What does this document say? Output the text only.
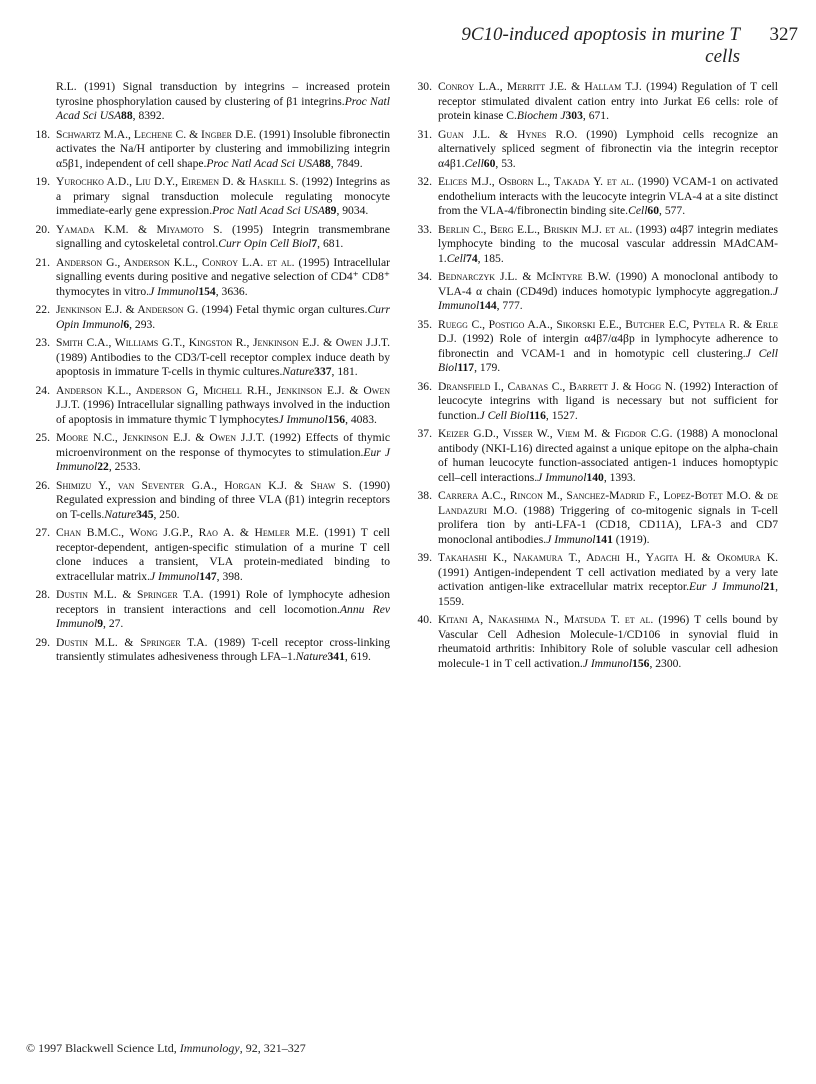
9C10-induced apoptosis in murine T cells
327
R.L. (1991) Signal transduction by integrins – increased protein tyrosine phosphorylation caused by clustering of β1 integrins.Proc Natl Acad Sci USA88, 8392.
18. Schwartz M.A., Lechene C. & Ingber D.E. (1991) Insoluble fibronectin activates the Na/H antiporter by clustering and immobilizing integrin α5β1, independent of cell shape.Proc Natl Acad Sci USA88, 7849.
19. Yurochko A.D., Liu D.Y., Eiremen D. & Haskill S. (1992) Integrins as a primary signal transduction molecule regulating monocyte immediate-early gene expression.Proc Natl Acad Sci USA89, 9034.
20. Yamada K.M. & Miyamoto S. (1995) Integrin transmembrane signalling and cytoskeletal control.Curr Opin Cell Biol7, 681.
21. Anderson G., Anderson K.L., Conroy L.A. et al. (1995) Intracellular signalling events during positive and negative selection of CD4⁺ CD8⁺ thymocytes in vitro.J Immunol154, 3636.
22. Jenkinson E.J. & Anderson G. (1994) Fetal thymic organ cultures.Curr Opin Immunol6, 293.
23. Smith C.A., Williams G.T., Kingston R., Jenkinson E.J. & Owen J.J.T. (1989) Antibodies to the CD3/T-cell receptor complex induce death by apoptosis in immature T-cells in thymic cultures.Nature337, 181.
24. Anderson K.L., Anderson G, Michell R.H., Jenkinson E.J. & Owen J.J.T. (1996) Intracellular signalling pathways involved in the induction of apoptosis in immature thymic T lymphocytesJ Immunol156, 4083.
25. Moore N.C., Jenkinson E.J. & Owen J.J.T. (1992) Effects of thymic microenvironment on the response of thymocytes to stimulation.Eur J Immunol22, 2533.
26. Shimizu Y., van Seventer G.A., Horgan K.J. & Shaw S. (1990) Regulated expression and binding of three VLA (β1) integrin receptors on T-cells.Nature345, 250.
27. Chan B.M.C., Wong J.G.P., Rao A. & Hemler M.E. (1991) T cell receptor-dependent, antigen-specific stimulation of a murine T cell clone induces a transient, VLA protein-mediated binding to extracellular matrix.J Immunol147, 398.
28. Dustin M.L. & Springer T.A. (1991) Role of lymphocyte adhesion receptors in transient interactions and cell locomotion.Annu Rev Immunol9, 27.
29. Dustin M.L. & Springer T.A. (1989) T-cell receptor cross-linking transiently stimulates adhesiveness through LFA–1.Nature341, 619.
30. Conroy L.A., Merritt J.E. & Hallam T.J. (1994) Regulation of T cell receptor stimulated divalent cation entry into Jurkat E6 cells: role of protein kinase C.Biochem J303, 671.
31. Guan J.L. & Hynes R.O. (1990) Lymphoid cells recognize an alternatively spliced segment of fibronectin via the integrin receptor α4β1.Cell60, 53.
32. Elices M.J., Osborn L., Takada Y. et al. (1990) VCAM-1 on activated endothelium interacts with the leucocyte integrin VLA-4 at a site distinct from the VLA-4/fibronectin binding site.Cell60, 577.
33. Berlin C., Berg E.L., Briskin M.J. et al. (1993) α4β7 integrin mediates lymphocyte binding to the mucosal vascular addressin MAdCAM-1.Cell74, 185.
34. Bednarczyk J.L. & McIntyre B.W. (1990) A monoclonal antibody to VLA-4 α chain (CD49d) induces homotypic lymphocyte aggregation.J Immunol144, 777.
35. Ruegg C., Postigo A.A., Sikorski E.E., Butcher E.C, Pytela R. & Erle D.J. (1992) Role of intergin α4β7/α4βp in lymphocyte adherence to fibronectin and VCAM-1 and in homotypic cell clustering.J Cell Biol117, 179.
36. Dransfield I., Cabanas C., Barrett J. & Hogg N. (1992) Interaction of leucocyte integrins with ligand is necessary but not sufficient for function.J Cell Biol116, 1527.
37. Keizer G.D., Visser W., Viem M. & Figdor C.G. (1988) A monoclonal antibody (NKI-L16) directed against a unique epitope on the alpha-chain of human leucocyte function-associated antigen-1 induces homoptypic cell–cell interactions.J Immunol140, 1393.
38. Carrera A.C., Rincon M., Sanchez-Madrid F., Lopez-Botet M.O. & de Landazuri M.O. (1988) Triggering of co-mitogenic signals in T-cell prolifera tion by anti-LFA-1 (CD18, CD11A), LFA-3 and CD7 monoclonal antibodies.J Immunol141 (1919).
39. Takahashi K., Nakamura T., Adachi H., Yagita H. & Okomura K. (1991) Antigen-independent T cell activation mediated by a very late activation antigen-like extracellular matrix receptor.Eur J Immunol21, 1559.
40. Kitani A, Nakashima N., Matsuda T. et al. (1996) T cells bound by Vascular Cell Adhesion Molecule-1/CD106 in synovial fluid in rheumatoid arthritis: Inhibitory Role of soluble vascular cell adhesion molecule-1 in T cell activation.J Immunol156, 2300.
© 1997 Blackwell Science Ltd, Immunology, 92, 321–327
